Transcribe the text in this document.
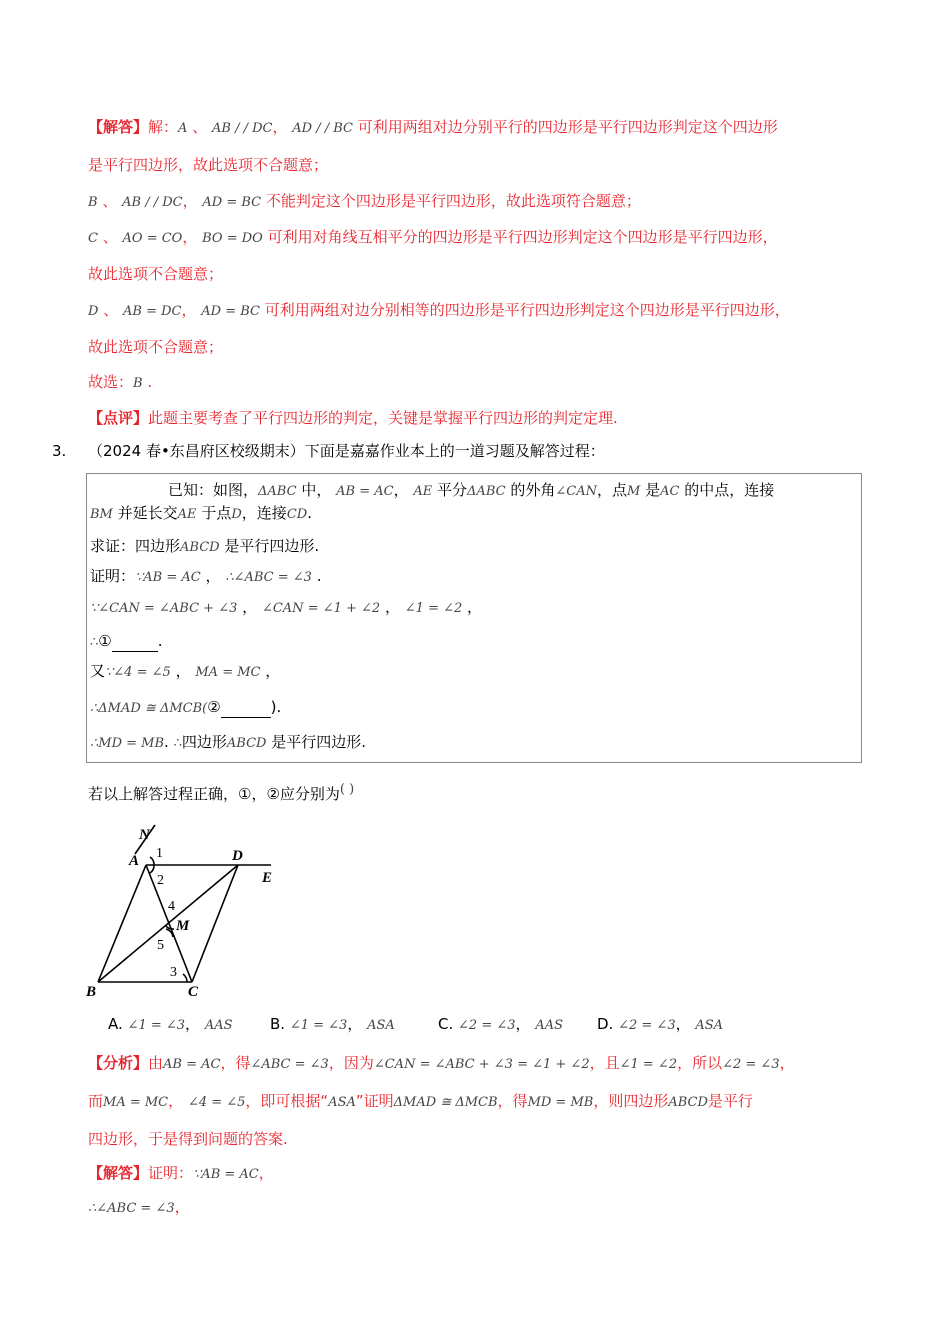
【解答】解：A 、 AB / / DC， AD / / BC 可利用两组对边分别平行的四边形是平行四边形判定这个四边形
是平行四边形，故此选项不合题意；
B 、 AB / / DC， AD = BC 不能判定这个四边形是平行四边形，故此选项符合题意；
C 、 AO = CO， BO = DO 可利用对角线互相平分的四边形是平行四边形判定这个四边形是平行四边形，
故此选项不合题意；
D 、 AB = DC， AD = BC 可利用两组对边分别相等的四边形是平行四边形判定这个四边形是平行四边形，
故此选项不合题意；
故选：B .
【点评】此题主要考查了平行四边形的判定，关键是掌握平行四边形的判定定理.
3. （2024 春•东昌府区校级期末）下面是嘉嘉作业本上的一道习题及解答过程：
已知：如图，ΔABC 中， AB = AC， AE 平分ΔABC 的外角∠CAN，点M 是AC 的中点，连接
BM 并延长交AE 于点D，连接CD.
求证：四边形ABCD 是平行四边形.
证明：∵AB = AC ， ∴∠ABC = ∠3 .
∵∠CAN = ∠ABC + ∠3 ， ∠CAN = ∠1 + ∠2 ， ∠1 = ∠2 ，
∴①	.
又∵∠4 = ∠5 ， MA = MC ，
∴ΔMAD ≅ ΔMCB(②	).
∴MD = MB. ∴四边形ABCD 是平行四边形.
若以上解答过程正确，①，②应分别为( )
N
A	D
E
M
B	C
1
2
4
5
3
A. ∠1 = ∠3， AAS B. ∠1 = ∠3， ASA	C. ∠2 = ∠3， AAS D. ∠2 = ∠3， ASA
【分析】由AB = AC，得∠ABC = ∠3，因为∠CAN = ∠ABC + ∠3 = ∠1 + ∠2，且∠1 = ∠2，所以∠2 = ∠3，
而MA = MC， ∠4 = ∠5，即可根据“ASA”证明ΔMAD ≅ ΔMCB，得MD = MB，则四边形ABCD是平行
四边形，于是得到问题的答案.
【解答】证明：∵AB = AC，
∴∠ABC = ∠3，
